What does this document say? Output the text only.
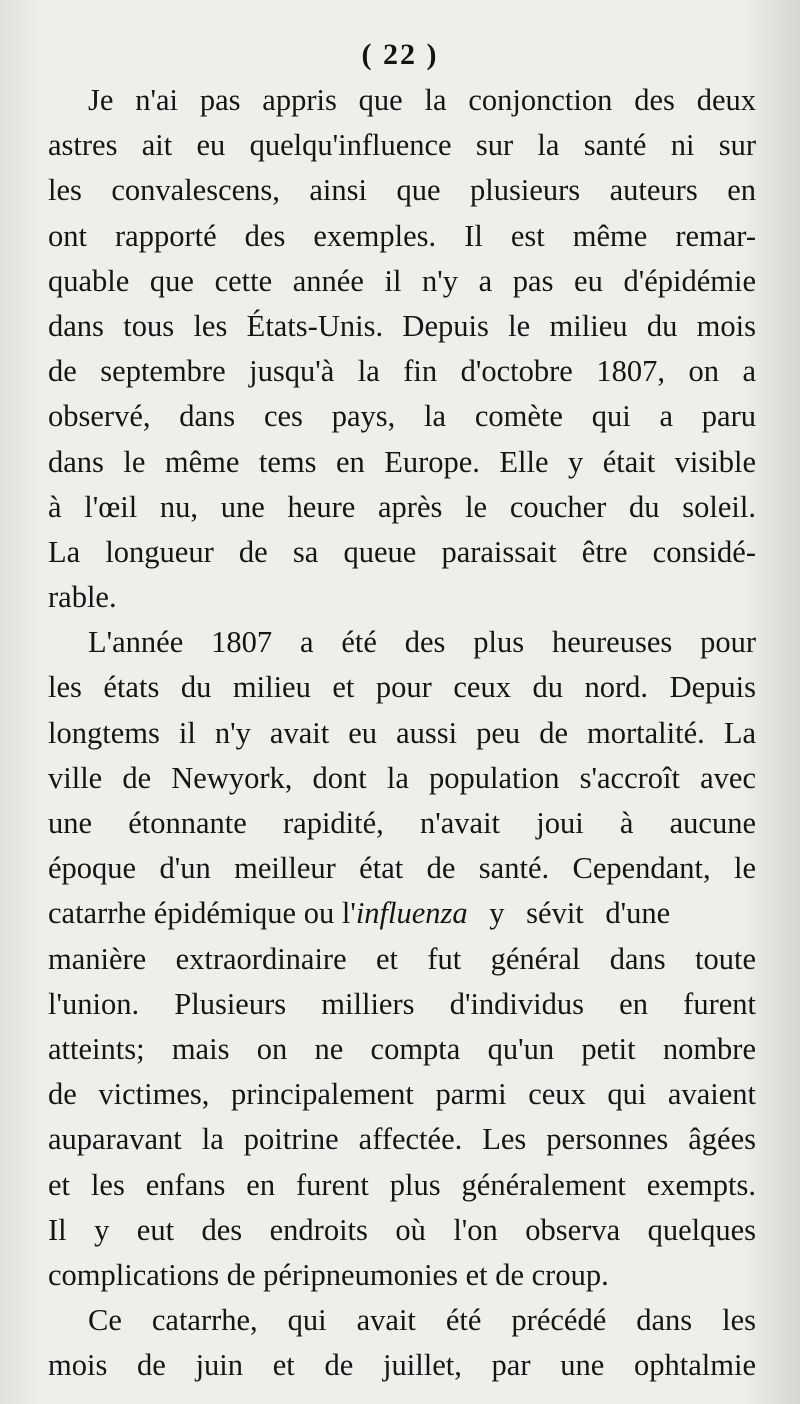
( 22 )
Je n'ai pas appris que la conjonction des deux
astres ait eu quelqu'influence sur la santé ni sur
les convalescens, ainsi que plusieurs auteurs en
ont rapporté des exemples. Il est même remar-
quable que cette année il n'y a pas eu d'épidémie
dans tous les États-Unis. Depuis le milieu du mois
de septembre jusqu'à la fin d'octobre 1807, on a
observé, dans ces pays, la comète qui a paru
dans le même tems en Europe. Elle y était visible
à l'œil nu, une heure après le coucher du soleil.
La longueur de sa queue paraissait être considé-
rable.
L'année 1807 a été des plus heureuses pour
les états du milieu et pour ceux du nord. Depuis
longtems il n'y avait eu aussi peu de mortalité. La
ville de Newyork, dont la population s'accroît avec
une étonnante rapidité, n'avait joui à aucune
époque d'un meilleur état de santé. Cependant, le
catarrhe épidémique ou l'influenza y sévit d'une
manière extraordinaire et fut général dans toute
l'union. Plusieurs milliers d'individus en furent
atteints; mais on ne compta qu'un petit nombre
de victimes, principalement parmi ceux qui avaient
auparavant la poitrine affectée. Les personnes âgées
et les enfans en furent plus généralement exempts.
Il y eut des endroits où l'on observa quelques
complications de péripneumonies et de croup.
Ce catarrhe, qui avait été précédé dans les
mois de juin et de juillet, par une ophtalmie
